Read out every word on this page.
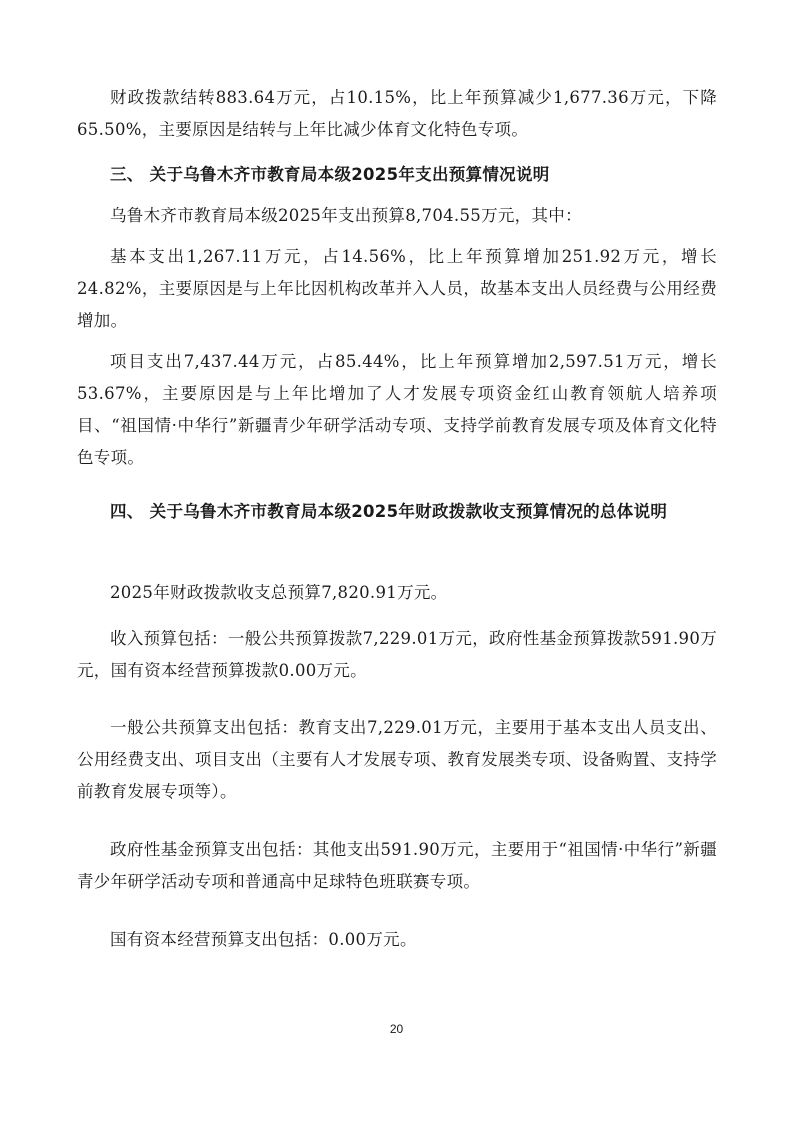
财政拨款结转883.64万元，占10.15%，比上年预算减少1,677.36万元，下降65.50%，主要原因是结转与上年比减少体育文化特色专项。

三、 关于乌鲁木齐市教育局本级2025年支出预算情况说明

乌鲁木齐市教育局本级2025年支出预算8,704.55万元，其中：

基本支出1,267.11万元，占14.56%，比上年预算增加251.92万元，增长24.82%，主要原因是与上年比因机构改革并入人员，故基本支出人员经费与公用经费增加。

项目支出7,437.44万元，占85.44%，比上年预算增加2,597.51万元，增长53.67%，主要原因是与上年比增加了人才发展专项资金红山教育领航人培养项目、“祖国情·中华行”新疆青少年研学活动专项、支持学前教育发展专项及体育文化特色专项。

四、 关于乌鲁木齐市教育局本级2025年财政拨款收支预算情况的总体说明

2025年财政拨款收支总预算7,820.91万元。

收入预算包括：一般公共预算拨款7,229.01万元，政府性基金预算拨款591.90万元，国有资本经营预算拨款0.00万元。

一般公共预算支出包括：教育支出7,229.01万元，主要用于基本支出人员支出、公用经费支出、项目支出（主要有人才发展专项、教育发展类专项、设备购置、支持学前教育发展专项等）。

政府性基金预算支出包括：其他支出591.90万元，主要用于“祖国情·中华行”新疆青少年研学活动专项和普通高中足球特色班联赛专项。

国有资本经营预算支出包括：0.00万元。

20
